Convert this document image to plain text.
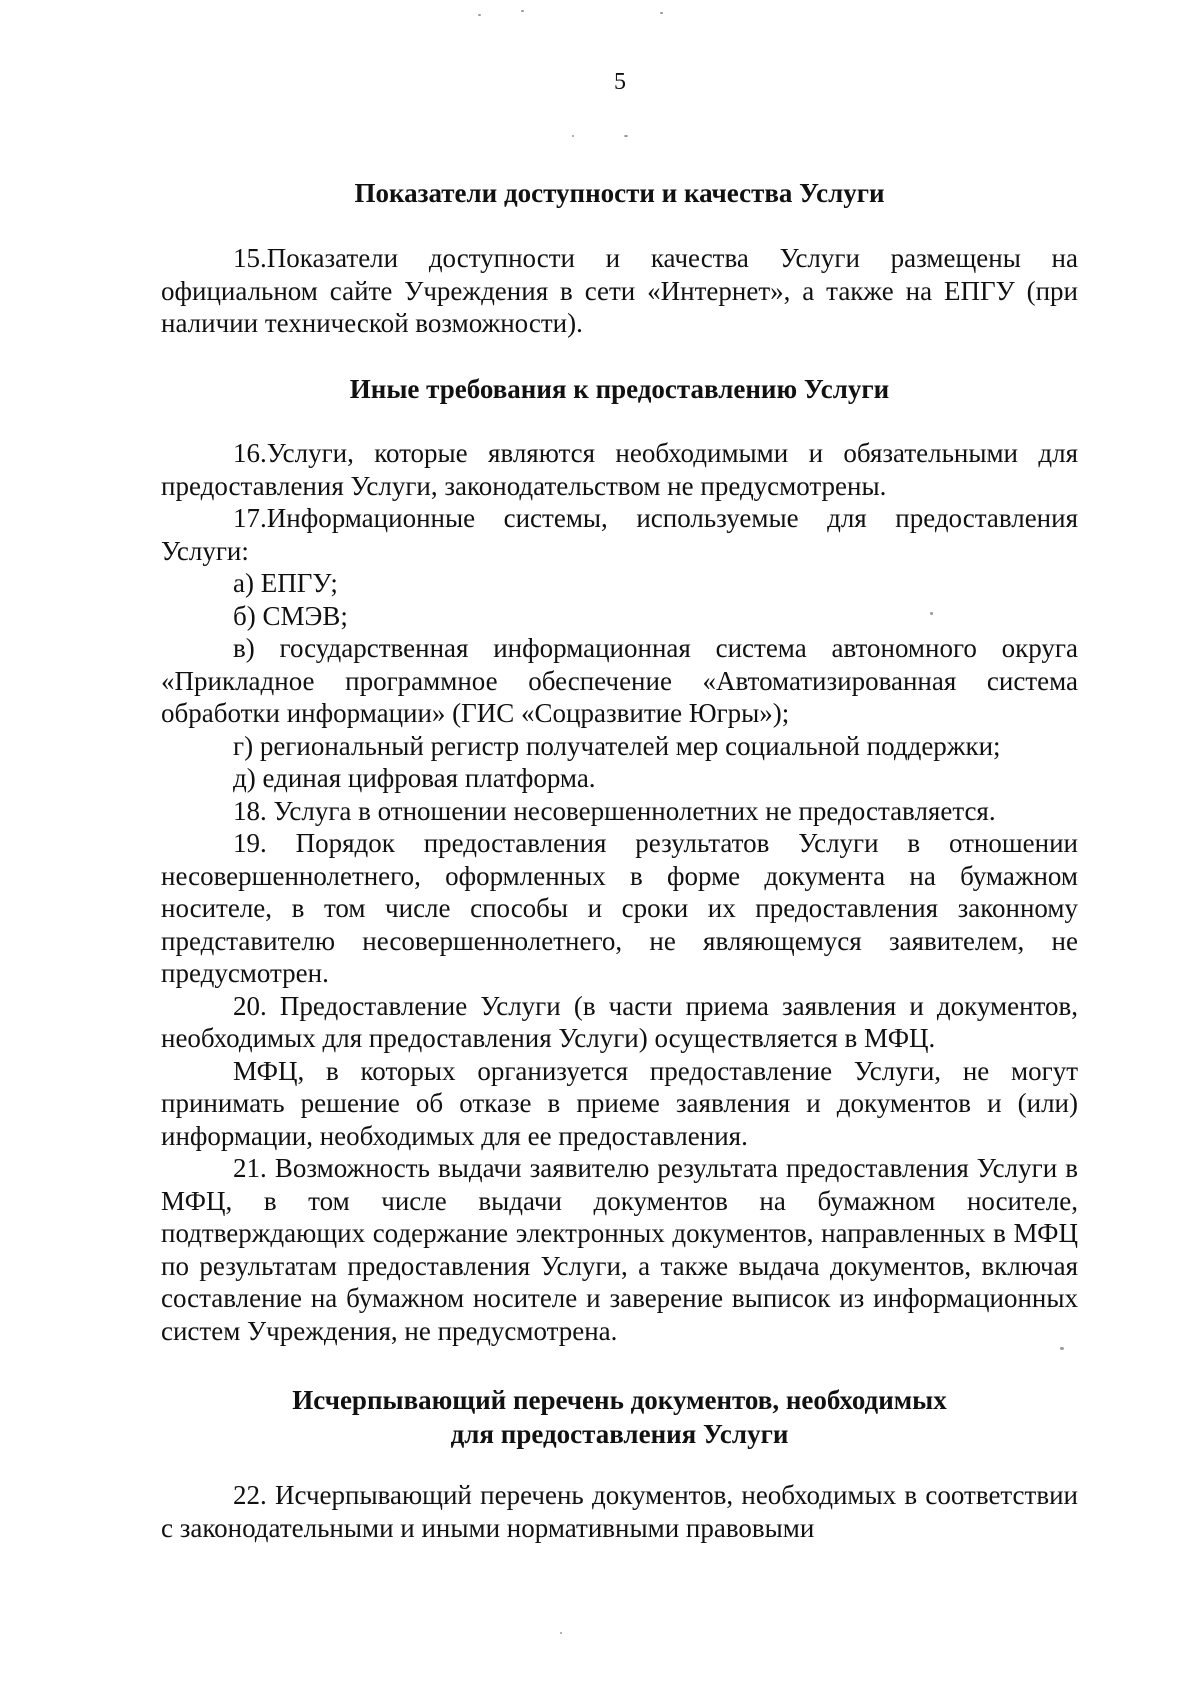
5
Показатели доступности и качества Услуги

15.Показатели доступности и качества Услуги размещены на официальном сайте Учреждения в сети «Интернет», а также на ЕПГУ (при наличии технической возможности).

Иные требования к предоставлению Услуги

16.Услуги, которые являются необходимыми и обязательными для предоставления Услуги, законодательством не предусмотрены.

17.Информационные системы, используемые для предоставления Услуги:

а) ЕПГУ;

б) СМЭВ;

в) государственная информационная система автономного округа «Прикладное программное обеспечение «Автоматизированная система обработки информации» (ГИС «Соцразвитие Югры»);

г) региональный регистр получателей мер социальной поддержки;

д) единая цифровая платформа.

18. Услуга в отношении несовершеннолетних не предоставляется.

19. Порядок предоставления результатов Услуги в отношении несовершеннолетнего, оформленных в форме документа на бумажном носителе, в том числе способы и сроки их предоставления законному представителю несовершеннолетнего, не являющемуся заявителем, не предусмотрен.

20. Предоставление Услуги (в части приема заявления и документов, необходимых для предоставления Услуги) осуществляется в МФЦ.

МФЦ, в которых организуется предоставление Услуги, не могут принимать решение об отказе в приеме заявления и документов и (или) информации, необходимых для ее предоставления.

21. Возможность выдачи заявителю результата предоставления Услуги в МФЦ, в том числе выдачи документов на бумажном носителе, подтверждающих содержание электронных документов, направленных в МФЦ по результатам предоставления Услуги, а также выдача документов, включая составление на бумажном носителе и заверение выписок из информационных систем Учреждения, не предусмотрена.

Исчерпывающий перечень документов, необходимых
для предоставления Услуги

22. Исчерпывающий перечень документов, необходимых в соответствии с законодательными и иными нормативными правовыми
